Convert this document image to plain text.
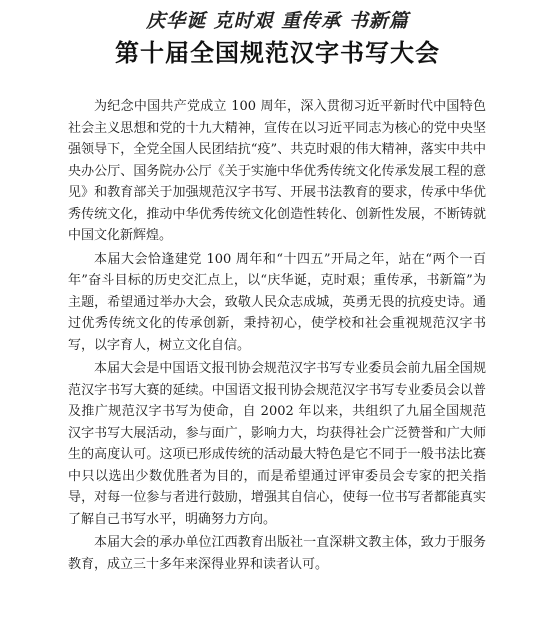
庆华诞 克时艰 重传承 书新篇
第十届全国规范汉字书写大会

为纪念中国共产党成立 100 周年，深入贯彻习近平新时代中国特色社会主义思想和党的十九大精神，宣传在以习近平同志为核心的党中央坚强领导下，全党全国人民团结抗“疫”、共克时艰的伟大精神，落实中共中央办公厅、国务院办公厅《关于实施中华优秀传统文化传承发展工程的意见》和教育部关于加强规范汉字书写、开展书法教育的要求，传承中华优秀传统文化，推动中华优秀传统文化创造性转化、创新性发展，不断铸就中国文化新辉煌。

本届大会恰逢建党 100 周年和“十四五”开局之年，站在“两个一百年”奋斗目标的历史交汇点上，以“庆华诞，克时艰；重传承，书新篇”为主题，希望通过举办大会，致敬人民众志成城，英勇无畏的抗疫史诗。通过优秀传统文化的传承创新，秉持初心，使学校和社会重视规范汉字书写，以字育人，树立文化自信。

本届大会是中国语文报刊协会规范汉字书写专业委员会前九届全国规范汉字书写大赛的延续。中国语文报刊协会规范汉字书写专业委员会以普及推广规范汉字书写为使命，自 2002 年以来，共组织了九届全国规范汉字书写大展活动，参与面广，影响力大，均获得社会广泛赞誉和广大师生的高度认可。这项已形成传统的活动最大特色是它不同于一般书法比赛中只以选出少数优胜者为目的，而是希望通过评审委员会专家的把关指导，对每一位参与者进行鼓励，增强其自信心，使每一位书写者都能真实了解自己书写水平，明确努力方向。

本届大会的承办单位江西教育出版社一直深耕文教主体，致力于服务教育，成立三十多年来深得业界和读者认可。
